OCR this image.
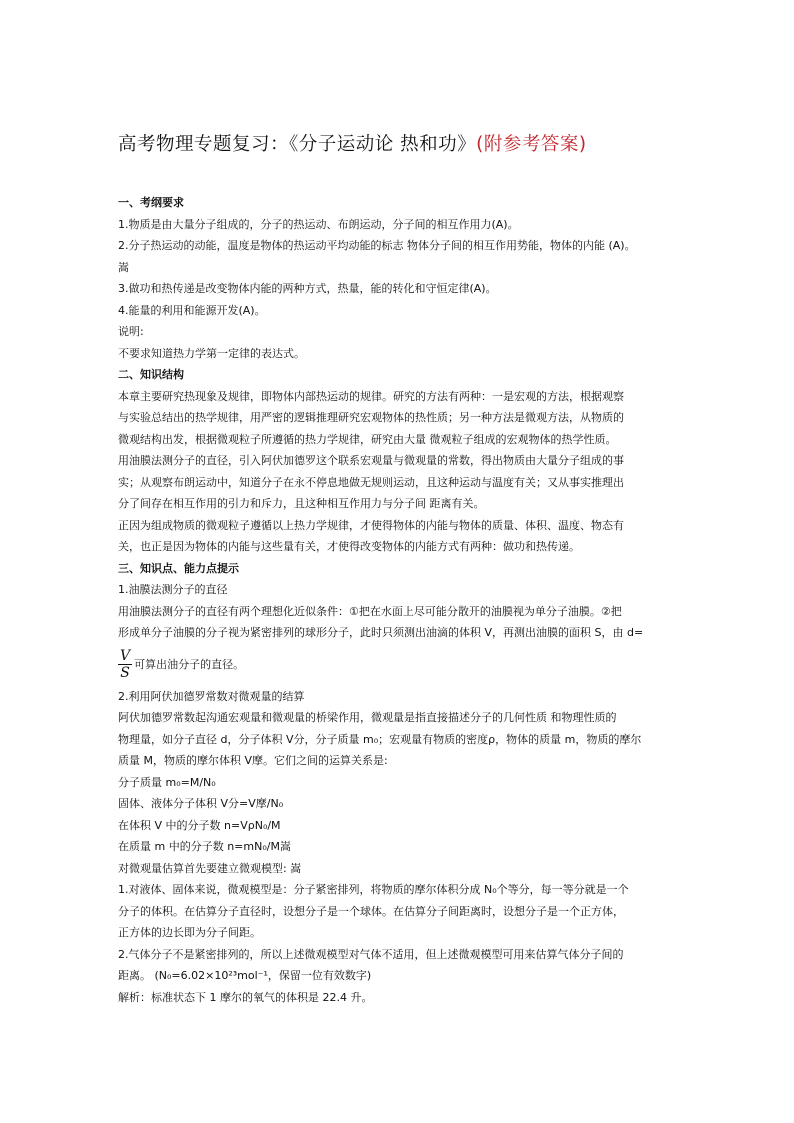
高考物理专题复习：《分子运动论 热和功》(附参考答案)

一、考纲要求

1.物质是由大量分子组成的，分子的热运动、布朗运动，分子间的相互作用力(A)。

2.分子热运动的动能，温度是物体的热运动平均动能的标志 物体分子间的相互作用势能，物体的内能 (A)。

嵩

3.做功和热传递是改变物体内能的两种方式，热量，能的转化和守恒定律(A)。

4.能量的利用和能源开发(A)。

说明:

不要求知道热力学第一定律的表达式。

二、知识结构

本章主要研究热现象及规律，即物体内部热运动的规律。研究的方法有两种：一是宏观的方法，根据观察

与实验总结出的热学规律，用严密的逻辑推理研究宏观物体的热性质；另一种方法是微观方法，从物质的

微观结构出发，根据微观粒子所遵循的热力学规律，研究由大量 微观粒子组成的宏观物体的热学性质。

用油膜法测分子的直径，引入阿伏加德罗这个联系宏观量与微观量的常数，得出物质由大量分子组成的事

实；从观察布朗运动中，知道分子在永不停息地做无规则运动，且这种运动与温度有关；又从事实推理出

分了间存在相互作用的引力和斥力，且这种相互作用力与分子间 距离有关。

正因为组成物质的微观粒子遵循以上热力学规律，才使得物体的内能与物体的质量、体积、温度、物态有

关，也正是因为物体的内能与这些量有关，才使得改变物体的内能方式有两种：做功和热传递。

三、知识点、能力点提示

1.油膜法测分子的直径

用油膜法测分子的直径有两个理想化近似条件：①把在水面上尽可能分散开的油膜视为单分子油膜。②把

形成单分子油膜的分子视为紧密排列的球形分子，此时只须测出油滴的体积 V，再测出油膜的面积 S，由 d=

$\frac{V}{S}$ 可算出油分子的直径。

2.利用阿伏加德罗常数对微观量的结算

阿伏加德罗常数起沟通宏观量和微观量的桥梁作用，微观量是指直接描述分子的几何性质 和物理性质的

物理量，如分子直径 d，分子体积 V分，分子质量 m₀；宏观量有物质的密度ρ，物体的质量 m，物质的摩尔

质量 M，物质的摩尔体积 V摩。它们之间的运算关系是:

分子质量 m₀=M/N₀

固体、液体分子体积 V分=V摩/N₀

在体积 V 中的分子数 n=VρN₀/M

在质量 m 中的分子数 n=mN₀/M嵩

对微观量估算首先要建立微观模型: 嵩

1.对液体、固体来说，微观模型是：分子紧密排列，将物质的摩尔体积分成 N₀个等分，每一等分就是一个

分子的体积。在估算分子直径时，设想分子是一个球体。在估算分子间距离时，设想分子是一个正方体，

正方体的边长即为分子间距。

2.气体分子不是紧密排列的，所以上述微观模型对气体不适用，但上述微观模型可用来估算气体分子间的

距离。 (N₀=6.02×10²³mol⁻¹，保留一位有效数字)

解析：标准状态下 1 摩尔的氧气的体积是 22.4 升。
